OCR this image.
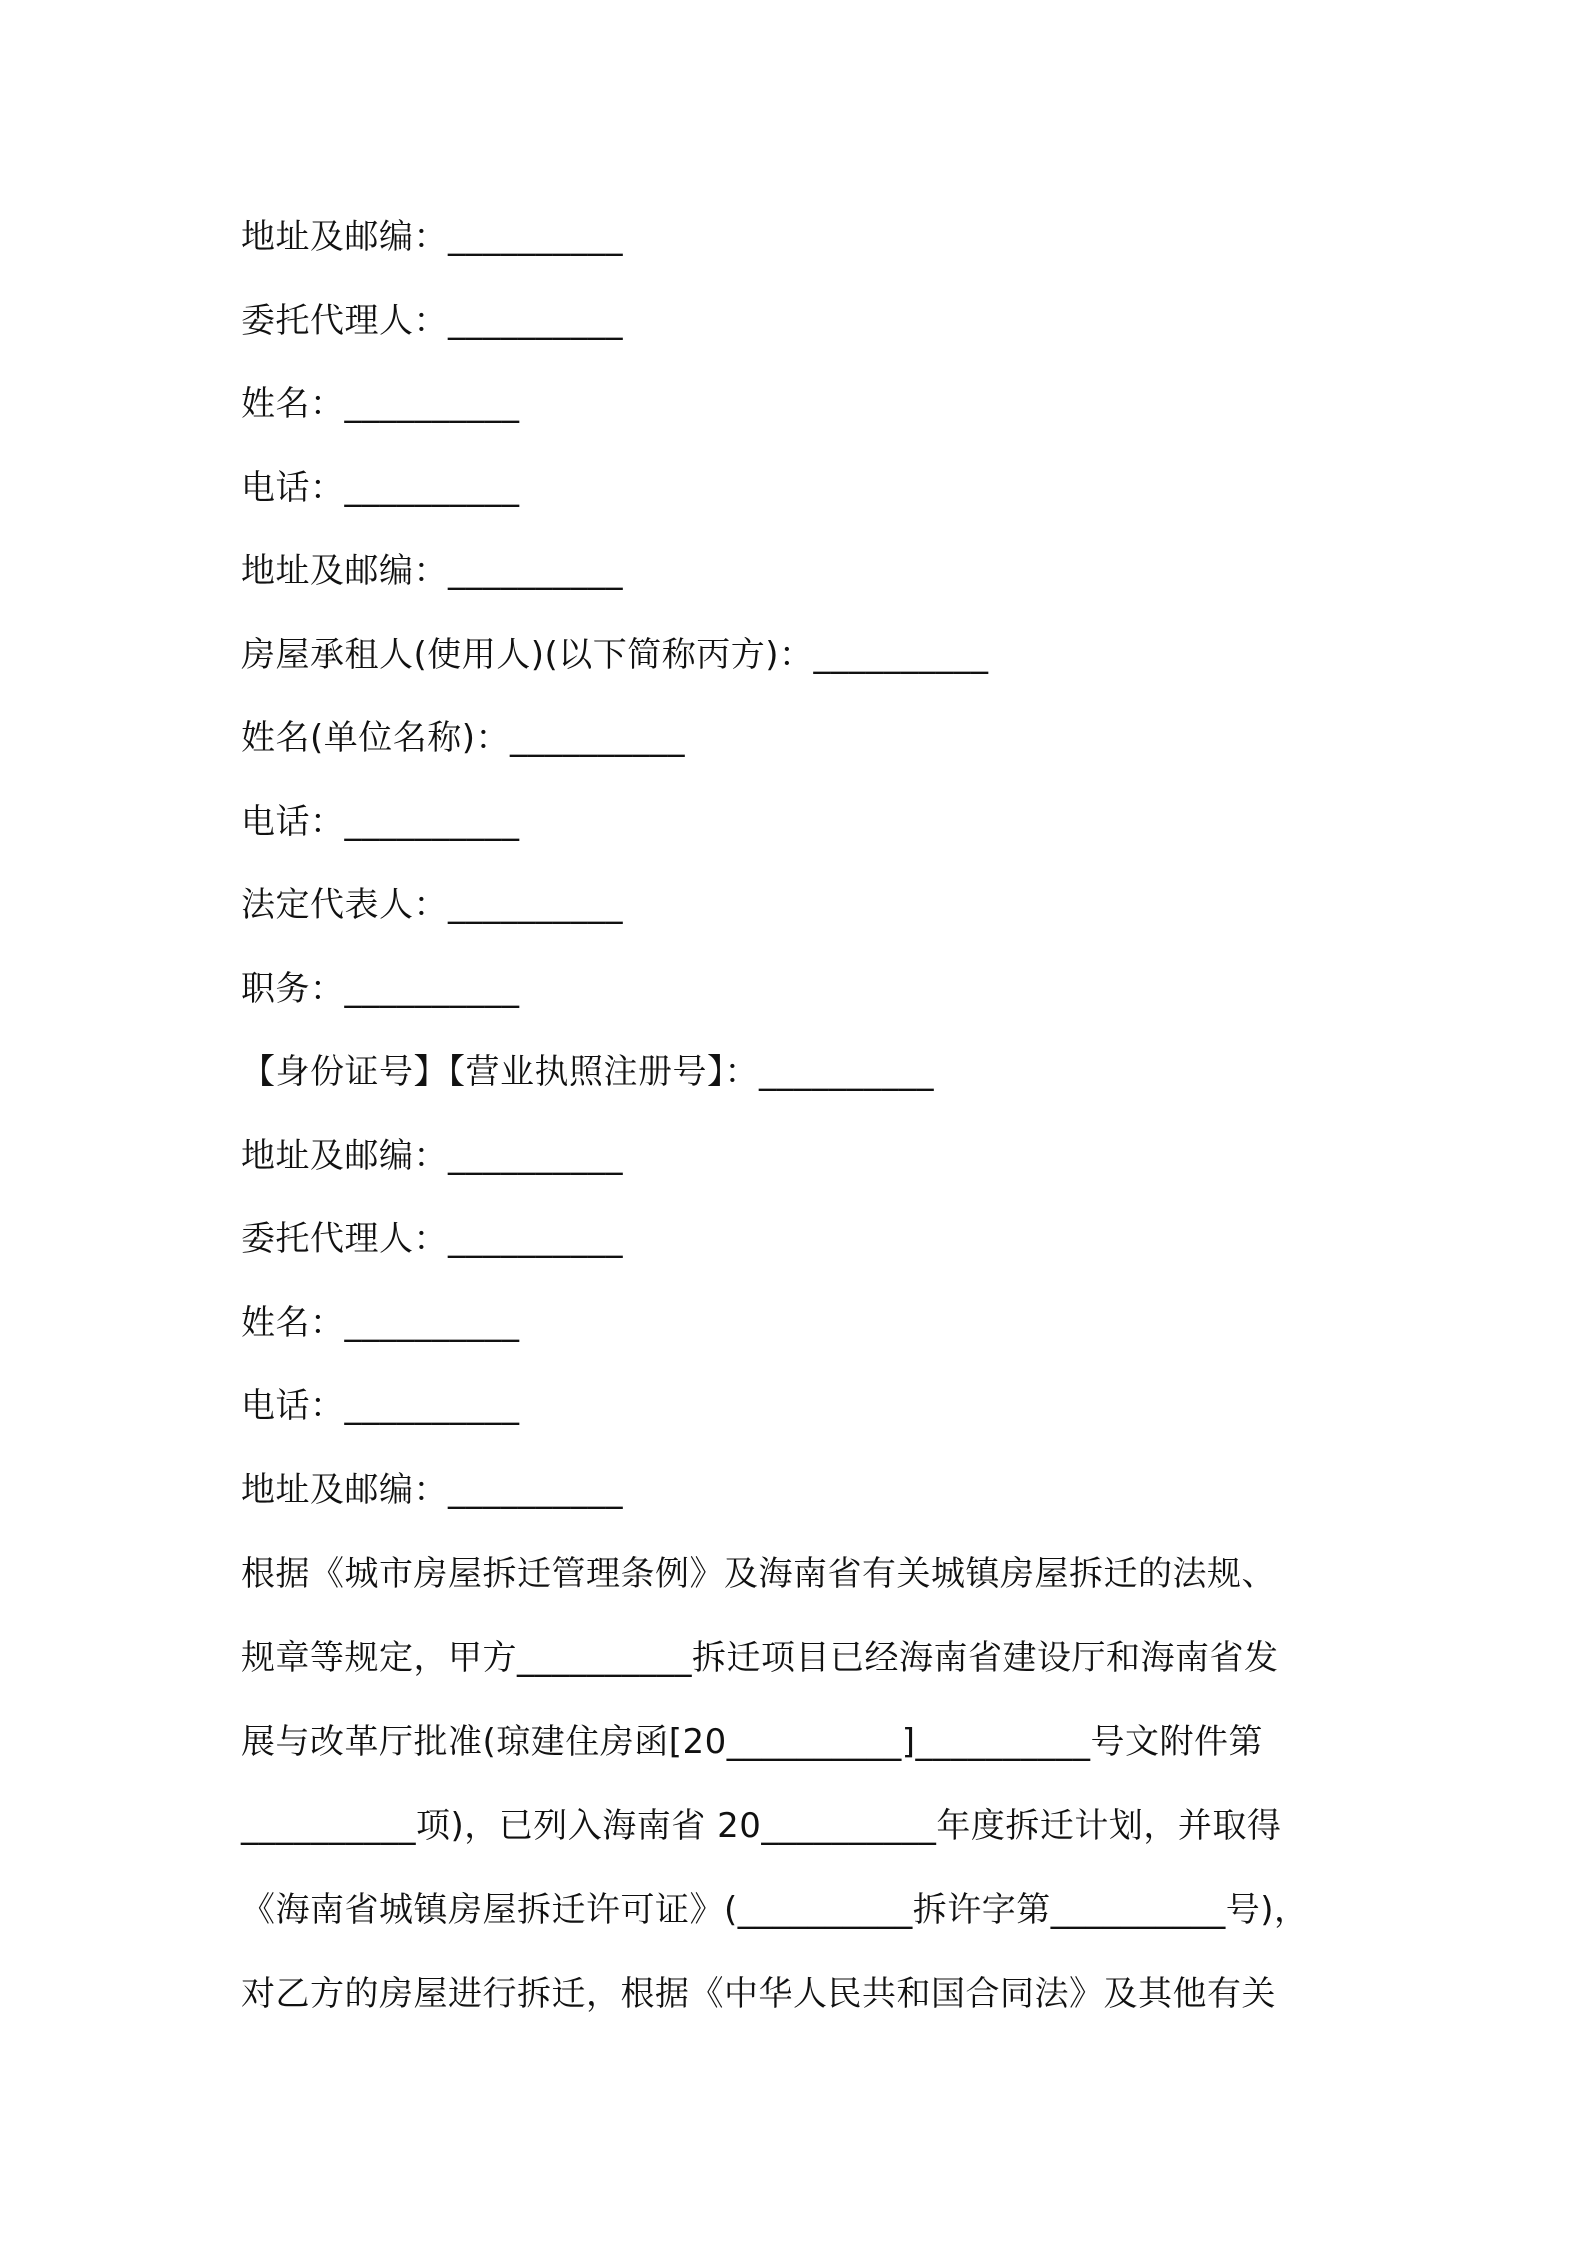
地址及邮编：__________
委托代理人：__________
姓名：__________
电话：__________
地址及邮编：__________
房屋承租人(使用人)(以下简称丙方)：__________
姓名(单位名称)：__________
电话：__________
法定代表人：__________
职务：__________
【身份证号】【营业执照注册号】：__________
地址及邮编：__________
委托代理人：__________
姓名：__________
电话：__________
地址及邮编：__________
根据《城市房屋拆迁管理条例》及海南省有关城镇房屋拆迁的法规、
规章等规定，甲方__________拆迁项目已经海南省建设厅和海南省发
展与改革厅批准(琼建住房函[20__________]__________号文附件第
__________项)，已列入海南省 20__________年度拆迁计划，并取得
《海南省城镇房屋拆迁许可证》(__________拆许字第__________号)，
对乙方的房屋进行拆迁，根据《中华人民共和国合同法》及其他有关
